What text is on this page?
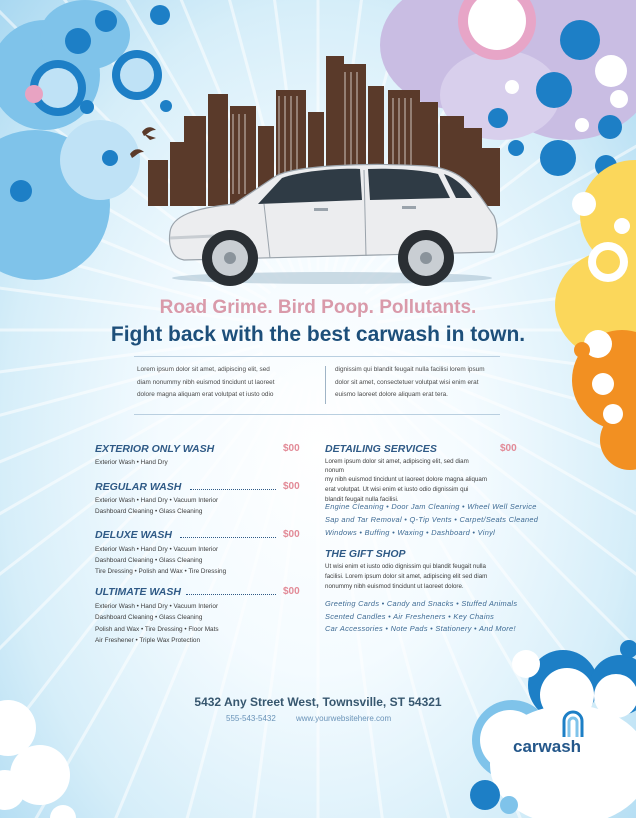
Road Grime. Bird Poop. Pollutants.
Fight back with the best carwash in town.
Lorem ipsum dolor sit amet, adipiscing elit, sed
diam nonummy nibh euismod tincidunt ut laoreet
dolore magna aliquam erat volutpat et iusto odio
dignissim qui blandit feugait nulla facilisi lorem ipsum
dolor sit amet, consectetuer volutpat wisi enim erat
euismo laoreet dolore aliquam erat tera.
EXTERIOR ONLY WASH	$00
Exterior Wash • Hand Dry
REGULAR WASH	$00
Exterior Wash • Hand Dry • Vacuum Interior
Dashboard Cleaning • Glass Cleaning
DELUXE WASH	$00
Exterior Wash • Hand Dry • Vacuum Interior
Dashboard Cleaning • Glass Cleaning
Tire Dressing • Polish and Wax • Tire Dressing
ULTIMATE WASH	$00
Exterior Wash • Hand Dry • Vacuum Interior
Dashboard Cleaning • Glass Cleaning
Polish and Wax • Tire Dressing • Floor Mats
Air Freshener • Triple Wax Protection
DETAILING SERVICES	$00
Lorem ipsum dolor sit amet, adipiscing elit, sed diam
nonum
my nibh euismod tincidunt ut laoreet dolore magna aliquam
erat volutpat. Ut wisi enim et iusto odio dignissim qui
blandit feugait nulla facilisi.
Engine Cleaning • Door Jam Cleaning • Wheel Well Service
Sap and Tar Removal • Q-Tip Vents • Carpet/Seats Cleaned
Windows • Buffing • Waxing • Dashboard • Vinyl
THE GIFT SHOP
Ut wisi enim et iusto odio dignissim qui blandit feugait nulla
facilisi. Lorem ipsum dolor sit amet, adipiscing elit sed diam
nonummy nibh euismod tincidunt ut laoreet dolore.
Greeting Cards • Candy and Snacks • Stuffed Animals
Scented Candles • Air Fresheners • Key Chains
Car Accessories • Note Pads • Stationery • And More!
5432 Any Street West, Townsville, ST 54321
555-543-5432	www.yourwebsitehere.com
carwash
